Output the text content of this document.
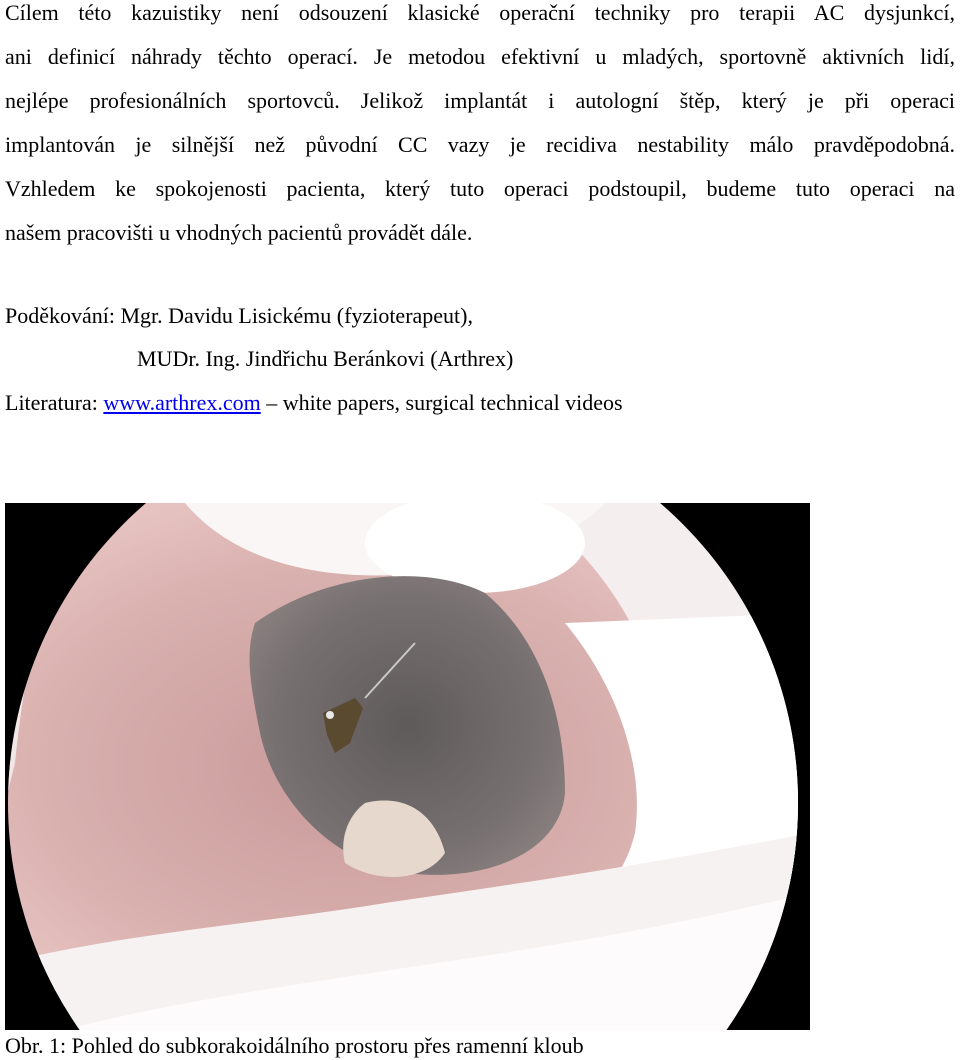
Cílem této kazuistiky není odsouzení klasické operační techniky pro terapii AC dysjunkcí,
ani definicí náhrady těchto operací. Je metodou efektivní u mladých, sportovně aktivních lidí,
nejlépe profesionálních sportovců. Jelikož implantát i autologní štěp, který je při operaci
implantován je silnější než původní CC vazy je recidiva nestability málo pravděpodobná.
Vzhledem ke spokojenosti pacienta, který tuto operaci podstoupil, budeme tuto operaci na
našem pracovišti u vhodných pacientů provádět dále.
Poděkování: Mgr. Davidu Lisickému (fyzioterapeut),
MUDr. Ing. Jindřichu Beránkovi (Arthrex)
Literatura: www.arthrex.com – white papers, surgical technical videos
Obr. 1: Pohled do subkorakoidálního prostoru přes ramenní kloub
